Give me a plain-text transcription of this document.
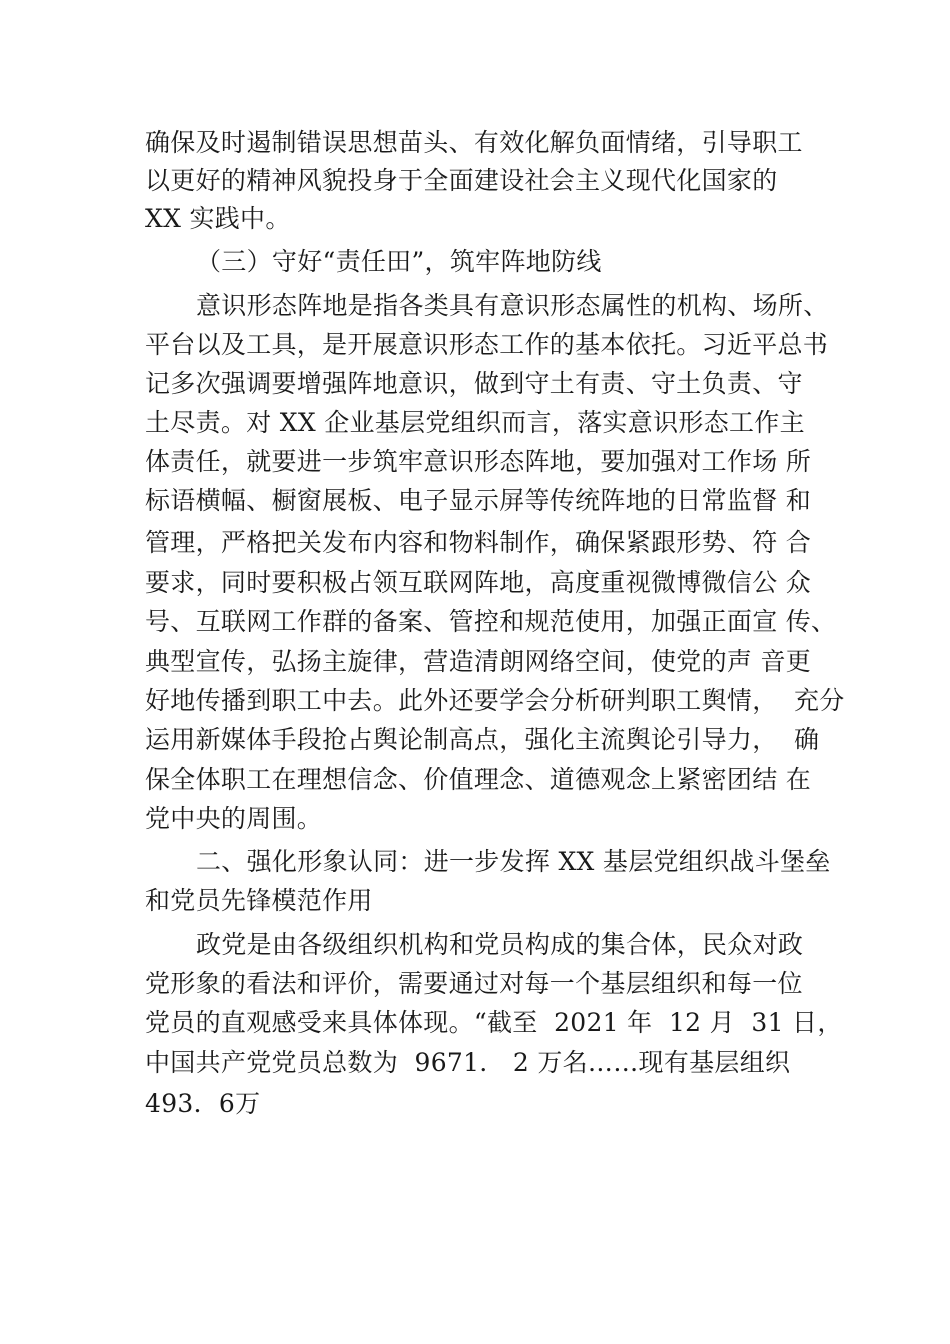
确保及时遏制错误思想苗头、有效化解负面情绪，引导职工

以更好的精神风貌投身于全面建设社会主义现代化国家的

XX 实践中。

（三）守好“责任田”，筑牢阵地防线

意识形态阵地是指各类具有意识形态属性的机构、场所、

平台以及工具，是开展意识形态工作的基本依托。习近平总书

记多次强调要增强阵地意识，做到守土有责、守土负责、守

土尽责。对 XX 企业基层党组织而言，落实意识形态工作主

体责任，就要进一步筑牢意识形态阵地，要加强对工作场 所

标语横幅、橱窗展板、电子显示屏等传统阵地的日常监督 和

管理，严格把关发布内容和物料制作，确保紧跟形势、符 合

要求，同时要积极占领互联网阵地，高度重视微博微信公 众

号、互联网工作群的备案、管控和规范使用，加强正面宣 传、

典型宣传，弘扬主旋律，营造清朗网络空间，使党的声 音更

好地传播到职工中去。此外还要学会分析研判职工舆情，  充分

运用新媒体手段抢占舆论制高点，强化主流舆论引导力，  确

保全体职工在理想信念、价值理念、道德观念上紧密团结 在

党中央的周围。

二、强化形象认同：进一步发挥 XX 基层党组织战斗堡垒

和党员先锋模范作用

政党是由各级组织机构和党员构成的集合体，民众对政

党形象的看法和评价，需要通过对每一个基层组织和每一位

党员的直观感受来具体体现。“截至  2021 年  12 月  31 日，

中国共产党党员总数为  9671． 2 万名……现有基层组织

493．6万
